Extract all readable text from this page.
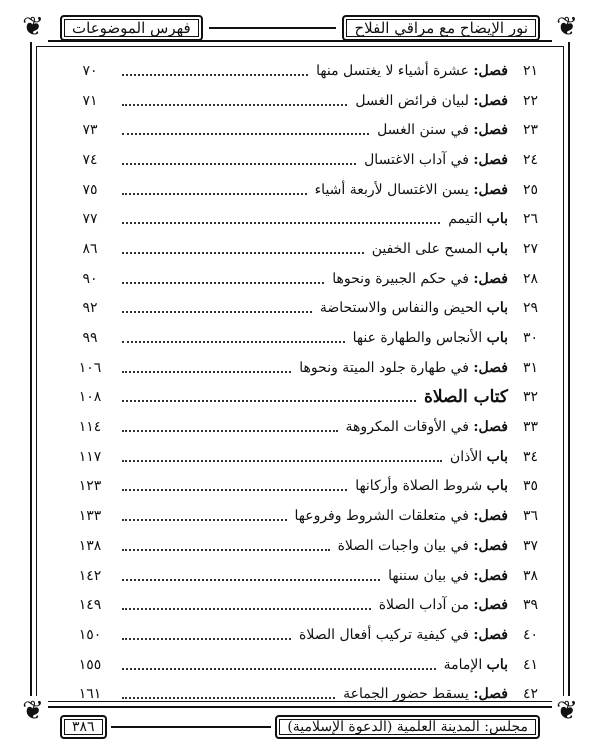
❦	❦
❦	❦
نور الإيضاح مع مراقي الفلاح
فهرس الموضوعات
٢١
فصل: عشرة أشياء لا يغتسل منها
٧٠
٢٢
فصل: لبيان فرائض الغسل
٧١
٢٣
فصل: في سنن الغسل
٧٣
٢٤
فصل: في آداب الاغتسال
٧٤
٢٥
فصل: يسن الاغتسال لأربعة أشياء
٧٥
٢٦
باب التيمم
٧٧
٢٧
باب المسح على الخفين
٨٦
٢٨
فصل: في حكم الجبيرة ونحوها
٩٠
٢٩
باب الحيض والنفاس والاستحاضة
٩٢
٣٠
باب الأنجاس والطهارة عنها
٩٩
٣١
فصل: في طهارة جلود الميتة ونحوها
١٠٦
٣٢
كتاب الصلاة
١٠٨
٣٣
فصل: في الأوقات المكروهة
١١٤
٣٤
باب الأذان
١١٧
٣٥
باب شروط الصلاة وأركانها
١٢٣
٣٦
فصل: في متعلقات الشروط وفروعها
١٣٣
٣٧
فصل: في بيان واجبات الصلاة
١٣٨
٣٨
فصل: في بيان سننها
١٤٢
٣٩
فصل: من آداب الصلاة
١٤٩
٤٠
فصل: في كيفية تركيب أفعال الصلاة
١٥٠
٤١
باب الإمامة
١٥٥
٤٢
فصل: يسقط حضور الجماعة
١٦١
مجلس: المدينة العلمية (الدعوة الإسلامية)
٣٨٦
